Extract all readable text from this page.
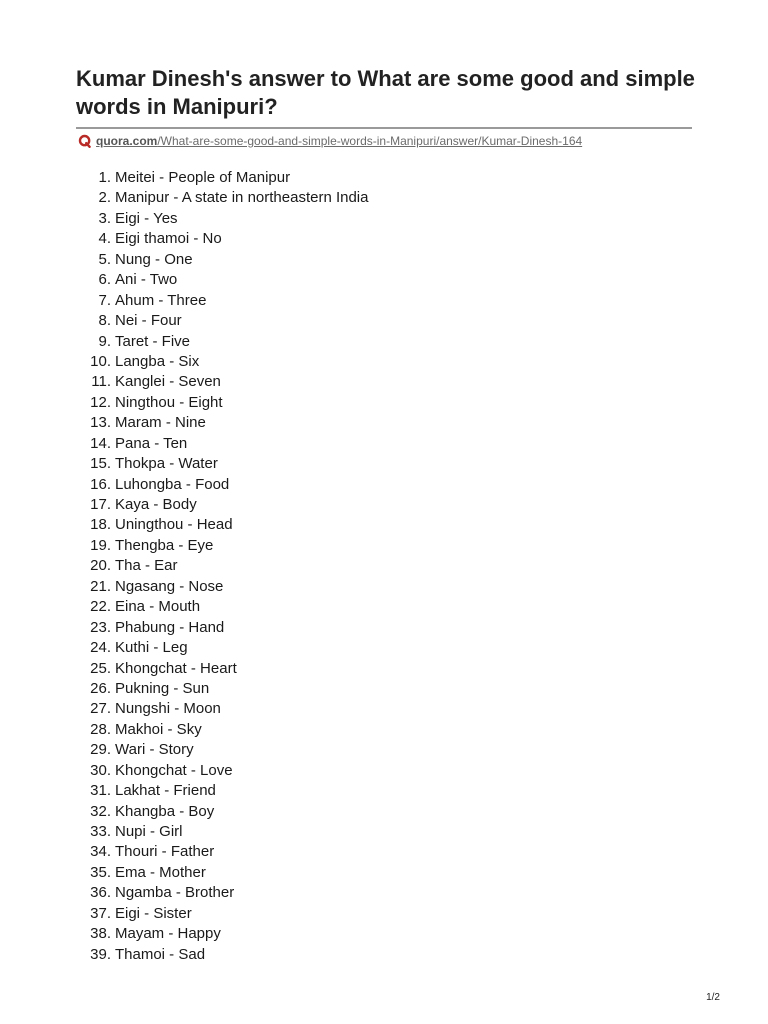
Kumar Dinesh's answer to What are some good and simple words in Manipuri?
quora.com/What-are-some-good-and-simple-words-in-Manipuri/answer/Kumar-Dinesh-164
1. Meitei - People of Manipur
2. Manipur - A state in northeastern India
3. Eigi - Yes
4. Eigi thamoi - No
5. Nung - One
6. Ani - Two
7. Ahum - Three
8. Nei - Four
9. Taret - Five
10. Langba - Six
11. Kanglei - Seven
12. Ningthou - Eight
13. Maram - Nine
14. Pana - Ten
15. Thokpa - Water
16. Luhongba - Food
17. Kaya - Body
18. Uningthou - Head
19. Thengba - Eye
20. Tha - Ear
21. Ngasang - Nose
22. Eina - Mouth
23. Phabung - Hand
24. Kuthi - Leg
25. Khongchat - Heart
26. Pukning - Sun
27. Nungshi - Moon
28. Makhoi - Sky
29. Wari - Story
30. Khongchat - Love
31. Lakhat - Friend
32. Khangba - Boy
33. Nupi - Girl
34. Thouri - Father
35. Ema - Mother
36. Ngamba - Brother
37. Eigi - Sister
38. Mayam - Happy
39. Thamoi - Sad
1/2
